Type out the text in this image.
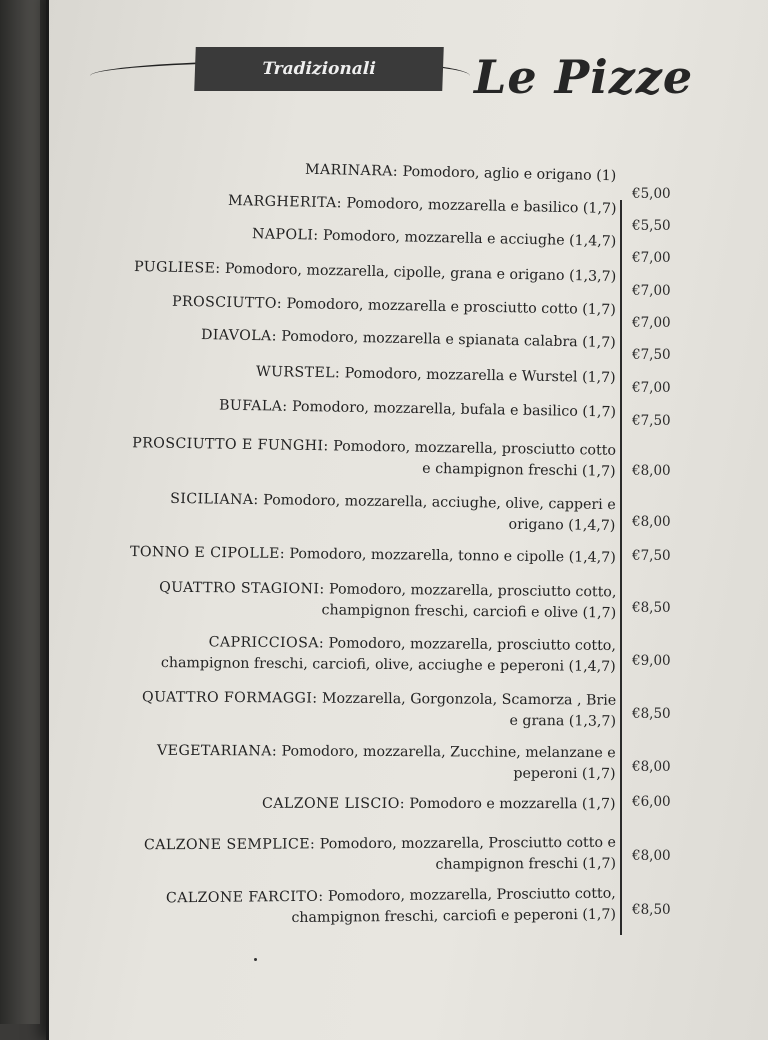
Tradizionali Le Pizze
MARINARA: Pomodoro, aglio e origano (1)
€5,00
MARGHERITA: Pomodoro, mozzarella e basilico (1,7)
€5,50
NAPOLI: Pomodoro, mozzarella e acciughe (1,4,7)
€7,00
PUGLIESE: Pomodoro, mozzarella, cipolle, grana e origano (1,3,7)
€7,00
PROSCIUTTO: Pomodoro, mozzarella e prosciutto cotto (1,7)
€7,00
DIAVOLA: Pomodoro, mozzarella e spianata calabra (1,7)
€7,50
WURSTEL: Pomodoro, mozzarella e Wurstel (1,7)
€7,00
BUFALA: Pomodoro, mozzarella, bufala e basilico (1,7)
€7,50
PROSCIUTTO E FUNGHI: Pomodoro, mozzarella, prosciutto cotto
e champignon freschi (1,7) €8,00
SICILIANA: Pomodoro, mozzarella, acciughe, olive, capperi e
origano (1,4,7) €8,00
TONNO E CIPOLLE: Pomodoro, mozzarella, tonno e cipolle (1,4,7) €7,50
QUATTRO STAGIONI: Pomodoro, mozzarella, prosciutto cotto,
champignon freschi, carciofi e olive (1,7) €8,50
CAPRICCIOSA: Pomodoro, mozzarella, prosciutto cotto,
champignon freschi, carciofi, olive, acciughe e peperoni (1,4,7) €9,00
QUATTRO FORMAGGI: Mozzarella, Gorgonzola, Scamorza , Brie
e grana (1,3,7) €8,50
VEGETARIANA: Pomodoro, mozzarella, Zucchine, melanzane e
peperoni (1,7) €8,00
CALZONE LISCIO: Pomodoro e mozzarella (1,7) €6,00
CALZONE SEMPLICE: Pomodoro, mozzarella, Prosciutto cotto e
champignon freschi (1,7) €8,00
CALZONE FARCITO: Pomodoro, mozzarella, Prosciutto cotto,
champignon freschi, carciofi e peperoni (1,7) €8,50
